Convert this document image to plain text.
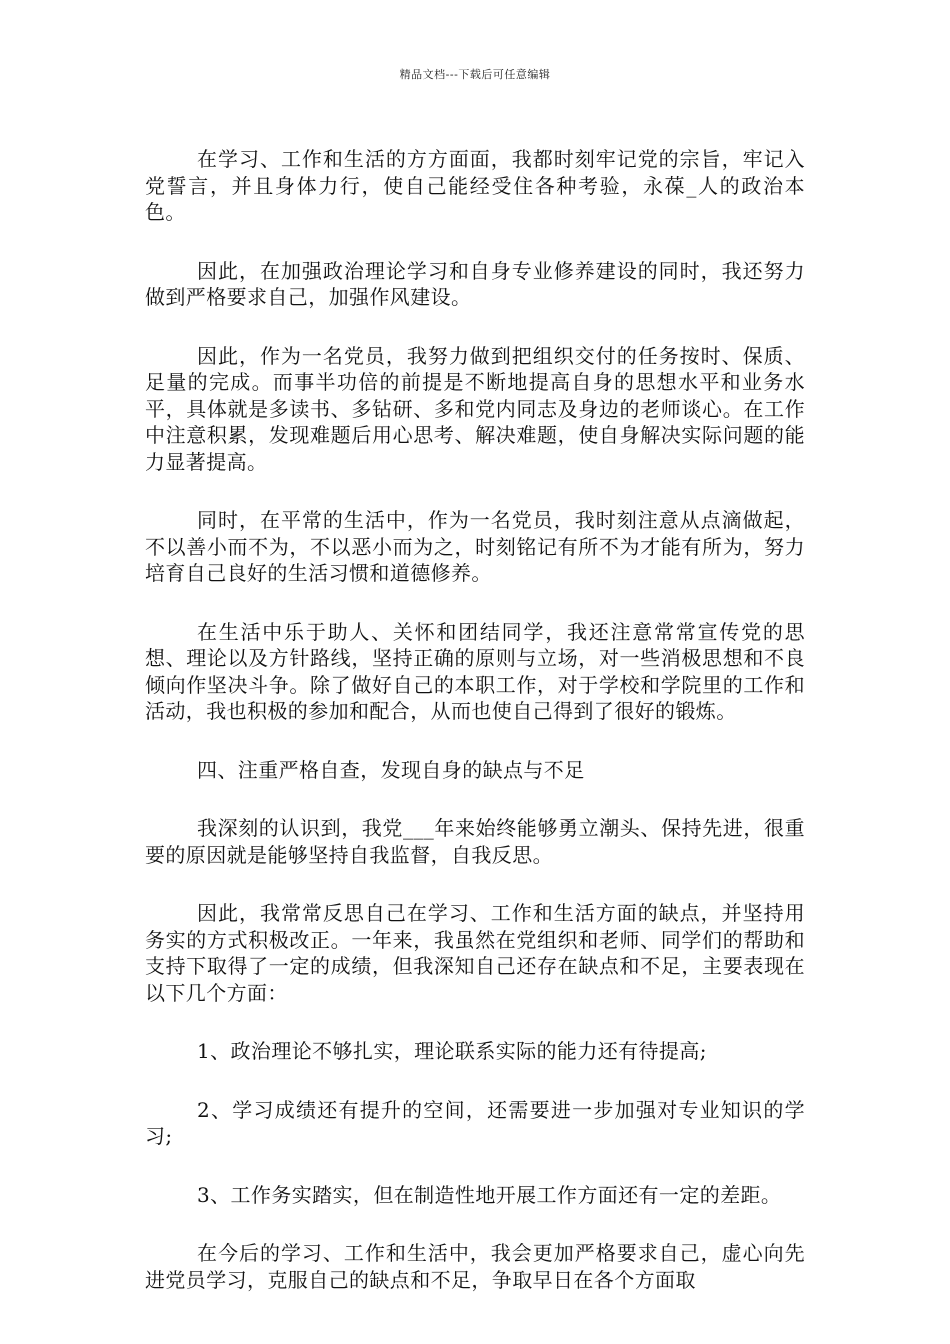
精品文档---下载后可任意编辑

在学习、工作和生活的方方面面，我都时刻牢记党的宗旨，牢记入党誓言，并且身体力行，使自己能经受住各种考验，永葆_人的政治本色。

因此，在加强政治理论学习和自身专业修养建设的同时，我还努力做到严格要求自己，加强作风建设。

因此，作为一名党员，我努力做到把组织交付的任务按时、保质、足量的完成。而事半功倍的前提是不断地提高自身的思想水平和业务水平，具体就是多读书、多钻研、多和党内同志及身边的老师谈心。在工作中注意积累，发现难题后用心思考、解决难题，使自身解决实际问题的能力显著提高。

同时，在平常的生活中，作为一名党员，我时刻注意从点滴做起，不以善小而不为，不以恶小而为之，时刻铭记有所不为才能有所为，努力培育自己良好的生活习惯和道德修养。

在生活中乐于助人、关怀和团结同学，我还注意常常宣传党的思想、理论以及方针路线，坚持正确的原则与立场，对一些消极思想和不良倾向作坚决斗争。除了做好自己的本职工作，对于学校和学院里的工作和活动，我也积极的参加和配合，从而也使自己得到了很好的锻炼。

四、注重严格自查，发现自身的缺点与不足

我深刻的认识到，我党___年来始终能够勇立潮头、保持先进，很重要的原因就是能够坚持自我监督，自我反思。

因此，我常常反思自己在学习、工作和生活方面的缺点，并坚持用务实的方式积极改正。一年来，我虽然在党组织和老师、同学们的帮助和支持下取得了一定的成绩，但我深知自己还存在缺点和不足，主要表现在以下几个方面：

1、政治理论不够扎实，理论联系实际的能力还有待提高;

2、学习成绩还有提升的空间，还需要进一步加强对专业知识的学习;

3、工作务实踏实，但在制造性地开展工作方面还有一定的差距。

在今后的学习、工作和生活中，我会更加严格要求自己，虚心向先进党员学习，克服自己的缺点和不足，争取早日在各个方面取
